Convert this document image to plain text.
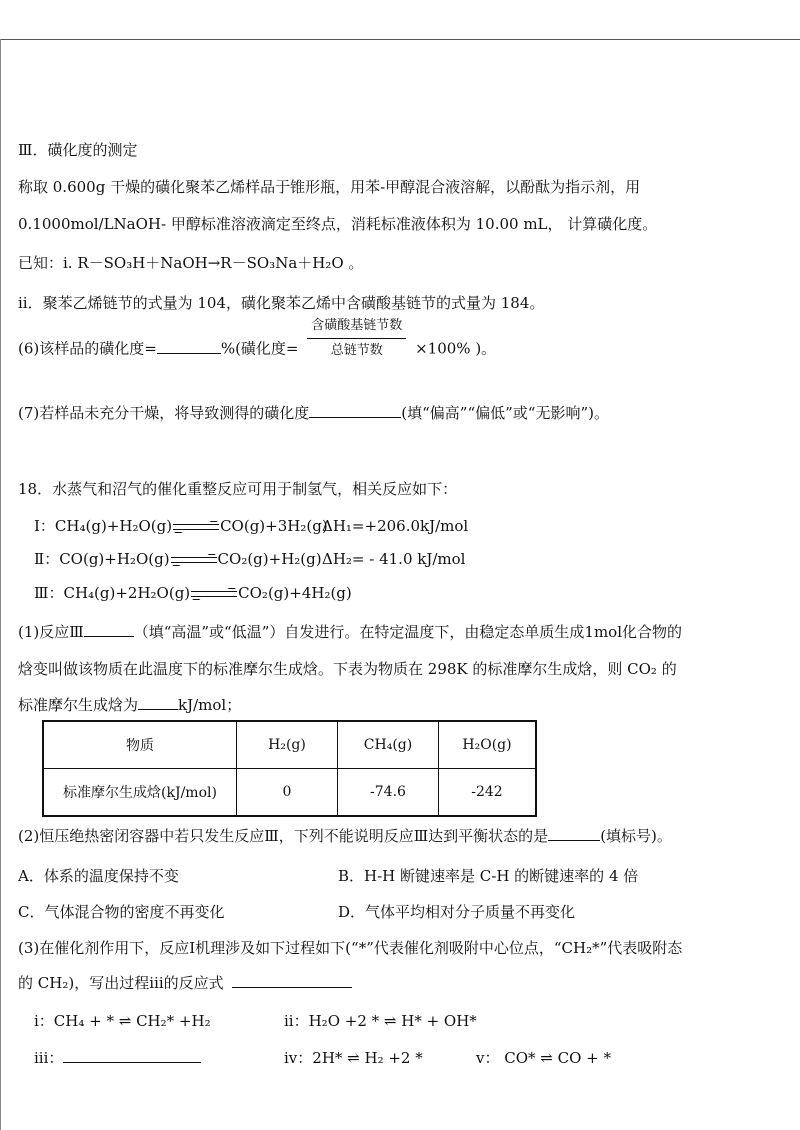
Ⅲ．磺化度的测定
称取 0.600g 干燥的磺化聚苯乙烯样品于锥形瓶，用苯-甲醇混合液溶解，以酚酞为指示剂，用
0.1000mol/LNaOH- 甲醇标准溶液滴定至终点，消耗标准液体积为 10.00 mL， 计算磺化度。
已知：i. R－SO₃H＋NaOH→R－SO₃Na＋H₂O 。
ii．聚苯乙烯链节的式量为 104，磺化聚苯乙烯中含磺酸基链节的式量为 184。
(6)该样品的磺化度=	%(磺化度= $\frac{\text{含磺酸基链节数}}{\text{总链节数}} \times 100\%$ )。
(7)若样品未充分干燥，将导致测得的磺化度	(填“偏高”“偏低”或“无影响”)。
18．水蒸气和沼气的催化重整反应可用于制氢气，相关反应如下：
Ⅰ：CH₄(g)+H₂O(g)→CO(g)+3H₂(g)
ΔH₁=+206.0kJ/mol
Ⅱ：CO(g)+H₂O(g)→CO₂(g)+H₂(g) ΔH₂= - 41.0 kJ/mol
Ⅲ：CH₄(g)+2H₂O(g)→CO₂(g)+4H₂(g)
(1)反应Ⅲ	（填“高温”或“低温”）自发进行。在特定温度下，由稳定态单质生成1mol化合物的
焓变叫做该物质在此温度下的标准摩尔生成焓。下表为物质在 298K 的标准摩尔生成焓，则 CO₂ 的
标准摩尔生成焓为	kJ/mol；
物质	H₂(g)	CH₄(g)	H₂O(g)
标准摩尔生成焓(kJ/mol)	0	-74.6	-242
(2)恒压绝热密闭容器中若只发生反应Ⅲ，下列不能说明反应Ⅲ达到平衡状态的是	(填标号)。
A．体系的温度保持不变	B．H-H 断键速率是 C-H 的断键速率的 4 倍
C．气体混合物的密度不再变化	D．气体平均相对分子质量不再变化
(3)在催化剂作用下，反应Ⅰ机理涉及如下过程如下(“*”代表催化剂吸附中心位点，“CH₂*”代表吸附态
的 CH₂)，写出过程ⅲ的反应式
i：CH₄ + * ⇌ CH₂* +H₂	ii：H₂O +2 * ⇌ H* + OH*
iii：	iv：2H* ⇌ H₂ +2 *	v： CO* ⇌ CO + *
